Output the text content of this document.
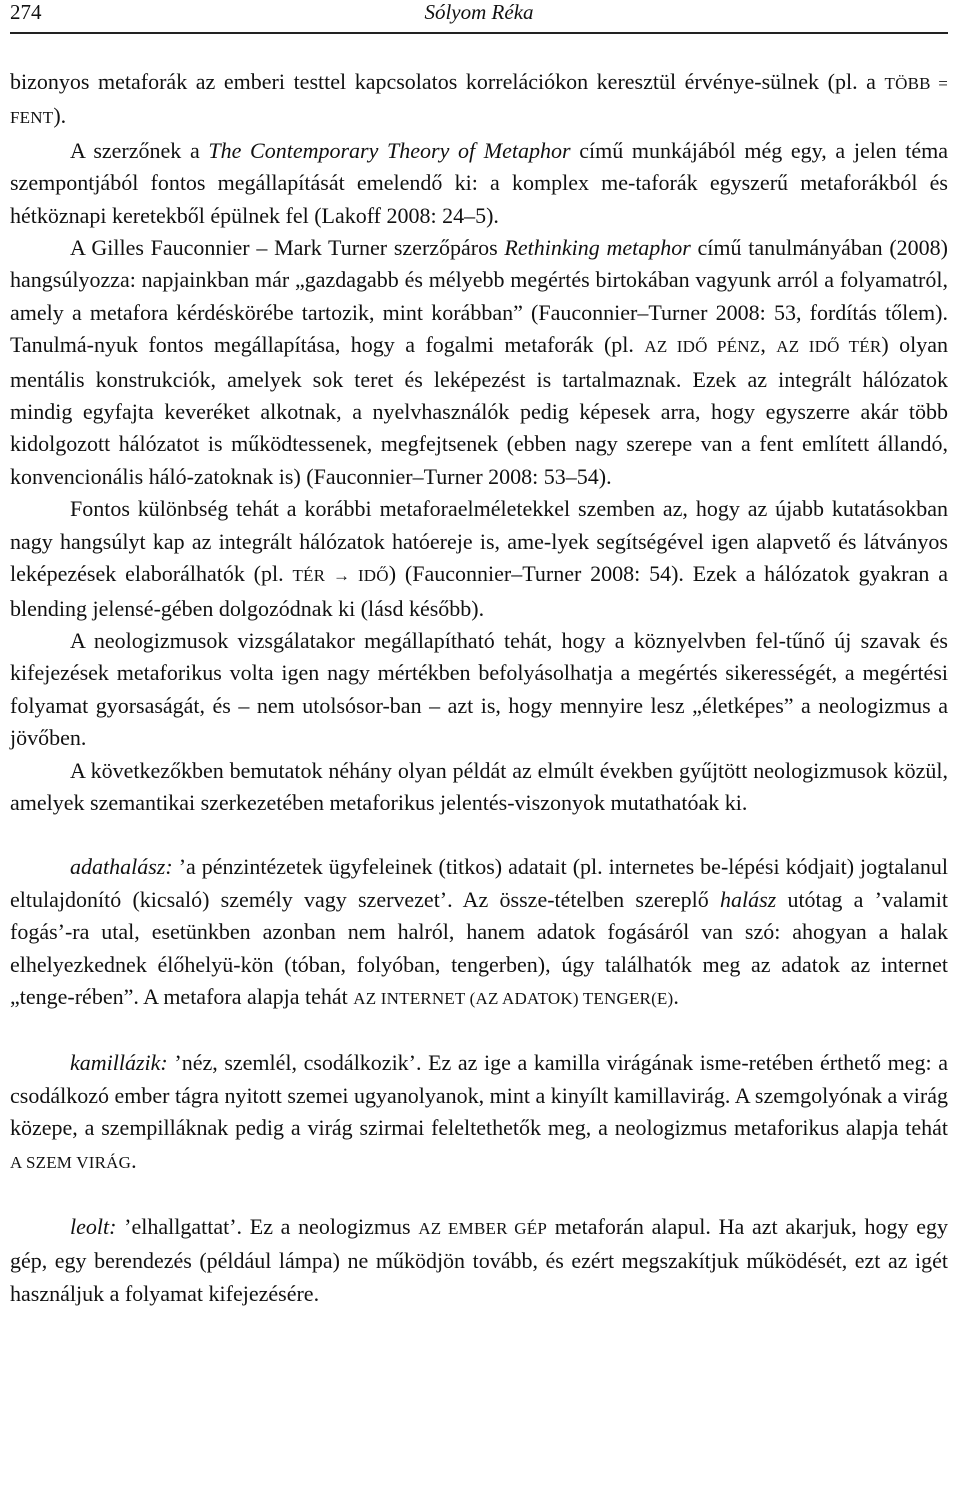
274	Sólyom Réka

bizonyos metaforák az emberi testtel kapcsolatos korrelációkon keresztül érvénye-sülnek (pl. a TÖBB = FENT).

A szerzőnek a The Contemporary Theory of Metaphor című munkájából még egy, a jelen téma szempontjából fontos megállapítását emelendő ki: a komplex me-taforák egyszerű metaforákból és hétköznapi keretekből épülnek fel (Lakoff 2008: 24–5).

A Gilles Fauconnier – Mark Turner szerzőpáros Rethinking metaphor című tanulmányában (2008) hangsúlyozza: napjainkban már „gazdagabb és mélyebb megértés birtokában vagyunk arról a folyamatról, amely a metafora kérdéskörébe tartozik, mint korábban” (Fauconnier–Turner 2008: 53, fordítás tőlem). Tanulmá-nyuk fontos megállapítása, hogy a fogalmi metaforák (pl. AZ IDŐ PÉNZ, AZ IDŐ TÉR) olyan mentális konstrukciók, amelyek sok teret és leképezést is tartalmaznak. Ezek az integrált hálózatok mindig egyfajta keveréket alkotnak, a nyelvhasználók pedig képesek arra, hogy egyszerre akár több kidolgozott hálózatot is működtessenek, megfejtsenek (ebben nagy szerepe van a fent említett állandó, konvencionális háló-zatoknak is) (Fauconnier–Turner 2008: 53–54).

Fontos különbség tehát a korábbi metaforaelméletekkel szemben az, hogy az újabb kutatásokban nagy hangsúlyt kap az integrált hálózatok hatóereje is, ame-lyek segítségével igen alapvető és látványos leképezések elaborálhatók (pl. TÉR → IDŐ) (Fauconnier–Turner 2008: 54). Ezek a hálózatok gyakran a blending jelensé-gében dolgozódnak ki (lásd később).

A neologizmusok vizsgálatakor megállapítható tehát, hogy a köznyelvben fel-tűnő új szavak és kifejezések metaforikus volta igen nagy mértékben befolyásolhatja a megértés sikerességét, a megértési folyamat gyorsaságát, és – nem utolsósor-ban – azt is, hogy mennyire lesz „életképes” a neologizmus a jövőben.

A következőkben bemutatok néhány olyan példát az elmúlt években gyűjtött neologizmusok közül, amelyek szemantikai szerkezetében metaforikus jelentés-viszonyok mutathatóak ki.

adathalász: ’a pénzintézetek ügyfeleinek (titkos) adatait (pl. internetes be-lépési kódjait) jogtalanul eltulajdonító (kicsaló) személy vagy szervezet’. Az össze-tételben szereplő halász utótag a ’valamit fogás’-ra utal, esetünkben azonban nem halról, hanem adatok fogásáról van szó: ahogyan a halak elhelyezkednek élőhelyü-kön (tóban, folyóban, tengerben), úgy találhatók meg az adatok az internet „tenge-rében”. A metafora alapja tehát AZ INTERNET (AZ ADATOK) TENGER(E).

kamillázik: ’néz, szemlél, csodálkozik’. Ez az ige a kamilla virágának isme-retében érthető meg: a csodálkozó ember tágra nyitott szemei ugyanolyanok, mint a kinyílt kamillavirág. A szemgolyónak a virág közepe, a szempilláknak pedig a virág szirmai feleltethetők meg, a neologizmus metaforikus alapja tehát A SZEM VIRÁG.

leolt: ’elhallgattat’. Ez a neologizmus AZ EMBER GÉP metaforán alapul. Ha azt akarjuk, hogy egy gép, egy berendezés (például lámpa) ne működjön tovább, és ezért megszakítjuk működését, ezt az igét használjuk a folyamat kifejezésére.
